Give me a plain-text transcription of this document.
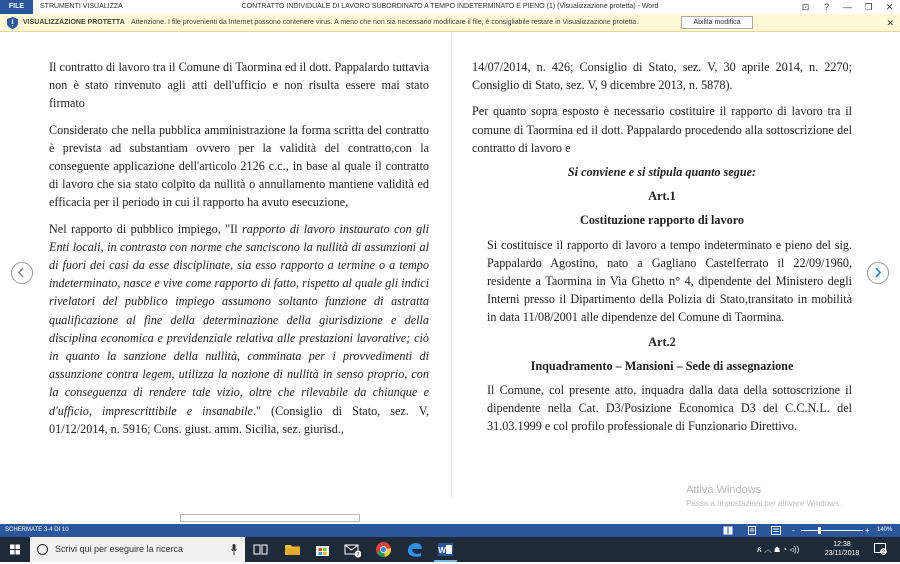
FILE	STRUMENTI VISUALIZZA	CONTRATTO INDIVIDUALE DI LAVORO SUBORDINATO A TEMPO INDETERMINATO E PIENO (1) (Visualizzazione protetta) - Word	⊡	?	—	❐	✕
VISUALIZZAZIONE PROTETTA Attenzione. I file provenienti da Internet possono contenere virus. A meno che non sia necessario modificare il file, è consigliabile restare in Visualizzazione protetta.	Abilita modifica	✕

Il contratto di lavoro tra il Comune di Taormina ed il dott. Pappalardo tuttavia non è stato rinvenuto agli atti dell'ufficio e non risulta essere mai stato firmato

Considerato che nella pubblica amministrazione la forma scritta del contratto è prevista ad substantiam ovvero per la validità del contratto,con la conseguente applicazione dell'articolo 2126 c.c., in base al quale il contratto di lavoro che sia stato colpito da nullità o annullamento mantiene validità ed efficacia per il periodo in cui il rapporto ha avuto esecuzione,

Nel rapporto di pubblico impiego, "Il rapporto di lavoro instaurato con gli Enti locali, in contrasto con norme che sanciscono la nullità di assunzioni al di fuori dei casi da esse disciplinate, sia esso rapporto a termine o a tempo indeterminato, nasce e vive come rapporto di fatto, rispetto al quale gli indici rivelatori del pubblico impiego assumono soltanto funzione di astratta qualificazione al fine della determinazione della giurisdizione e della disciplina economica e previdenziale relativa alle prestazioni lavorative; ciò in quanto la sanzione della nullità, comminata per i provvedimenti di assunzione contra legem, utilizza la nozione di nullità in senso proprio, con la conseguenza di rendere tale vizio, oltre che rilevabile da chiunque e d'ufficio, imprescrittibile e insanabile." (Consiglio di Stato, sez. V, 01/12/2014, n. 5916; Cons. giust. amm. Sicilia, sez. giurisd.,

14/07/2014, n. 426; Consiglio di Stato, sez. V, 30 aprile 2014, n. 2270; Consiglio di Stato, sez. V, 9 dicembre 2013, n. 5878).

Per quanto sopra esposto è necessario costituire il rapporto di lavoro tra il comune di Taormina ed il dott. Pappalardo procedendo alla sottoscrizione del contratto di lavoro e

Si conviene e si stipula quanto segue:

Art.1

Costituzione rapporto di lavoro

Si costituisce il rapporto di lavoro a tempo indeterminato e pieno del sig. Pappalardo Agostino, nato a Gagliano Castelferrato il 22/09/1960, residente a Taormina in Via Ghetto n° 4, dipendente del Ministero degli Interni presso il Dipartimento della Polizia di Stato,transitato in mobilità in data 11/08/2001 alle dipendenze del Comune di Taormina.

Art.2

Inquadramento – Mansioni – Sede di assegnazione

Il Comune, col presente atto, inquadra dalla data della sottoscrizione il dipendente nella Cat. D3/Posizione Economica D3 del C.C.N.L. del 31.03.1999 e col profilo professionale di Funzionario Direttivo.

Attiva Windows
Passa a Impostazioni per attivare Windows.
SCHERMATE 3-4 DI 10	-	+ 140%
Scrivi qui per eseguire la ricerca
7	W	ጰ ︿ ☗ ◔ ⊲))
12:38
23/11/2018	2
